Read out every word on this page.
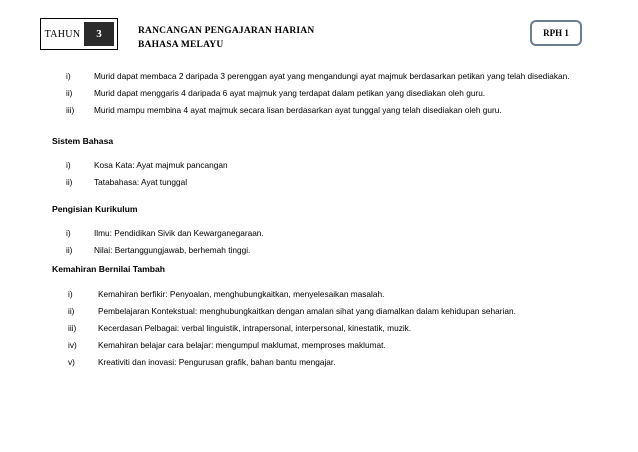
TAHUN	3	RANCANGAN PENGAJARAN HARIAN
BAHASA MELAYU
RPH 1
i)	Murid dapat membaca 2 daripada 3 perenggan ayat yang mengandungi ayat majmuk berdasarkan petikan yang telah disediakan.
ii)	Murid dapat menggaris 4 daripada 6 ayat majmuk yang terdapat dalam petikan yang disediakan oleh guru.
iii)	Murid mampu membina 4 ayat majmuk secara lisan berdasarkan ayat tunggal yang telah disediakan oleh guru.
Sistem Bahasa
i)	Kosa Kata: Ayat majmuk pancangan
ii)	Tatabahasa: Ayat tunggal
Pengisian Kurikulum
i)	Ilmu: Pendidikan Sivik dan Kewarganegaraan.
ii)	Nilai: Bertanggungjawab, berhemah tinggi.
Kemahiran Bernilai Tambah
i)	Kemahiran berfikir: Penyoalan, menghubungkaitkan, menyelesaikan masalah.
ii)	Pembelajaran Kontekstual: menghubungkaitkan dengan amalan sihat yang diamalkan dalam kehidupan seharian.
iii)	Kecerdasan Pelbagai: verbal linguistik, intrapersonal, interpersonal, kinestatik, muzik.
iv)	Kemahiran belajar cara belajar: mengumpul maklumat, memproses maklumat.
v)	Kreativiti dan inovasi: Pengurusan grafik, bahan bantu mengajar.
